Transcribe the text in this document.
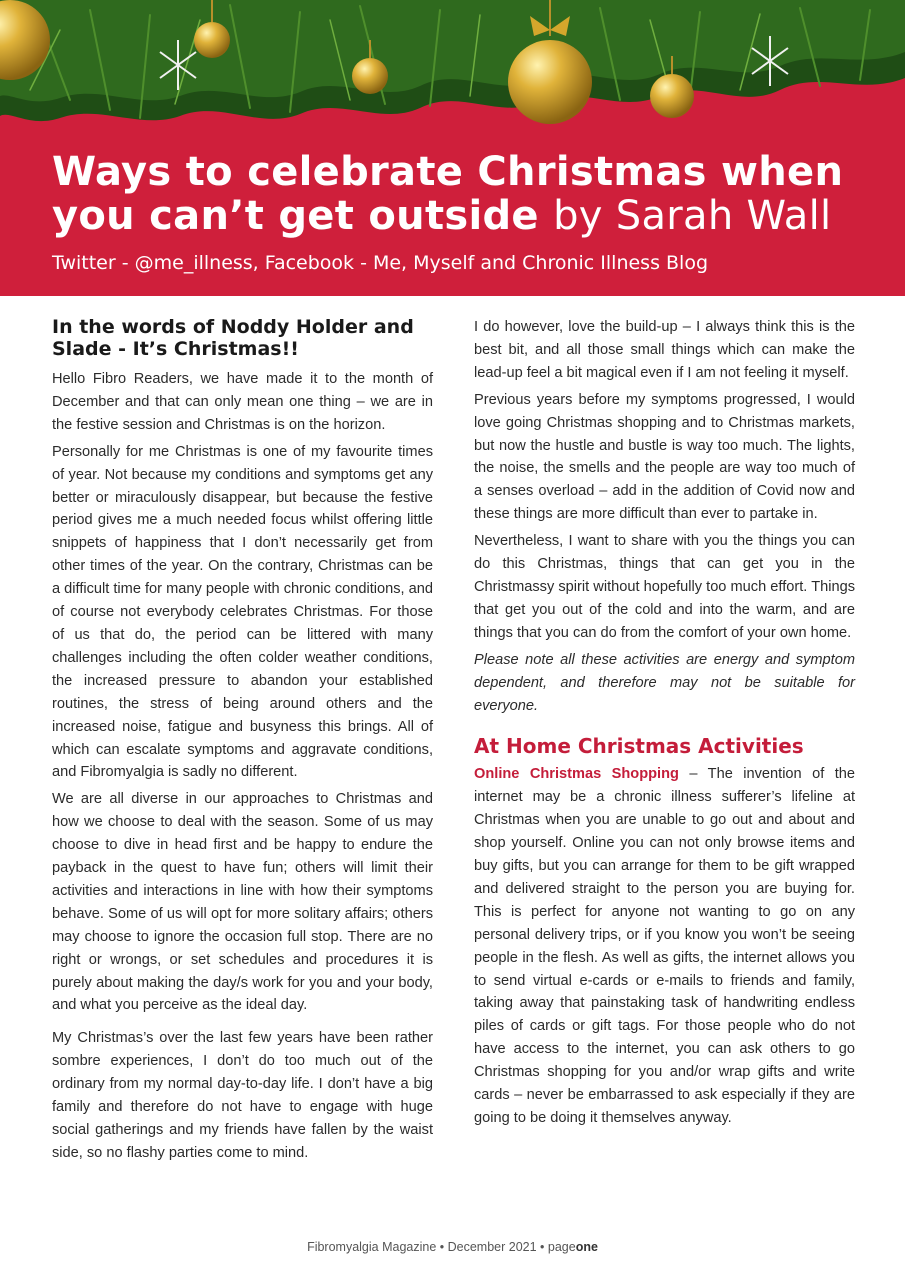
Ways to celebrate Christmas when you can’t get outside by Sarah Wall
Twitter - @me_illness, Facebook - Me, Myself and Chronic Illness Blog
In the words of Noddy Holder and Slade - It’s Christmas!!

Hello Fibro Readers, we have made it to the month of December and that can only mean one thing – we are in the festive session and Christmas is on the horizon.

Personally for me Christmas is one of my favourite times of year. Not because my conditions and symptoms get any better or miraculously disappear, but because the festive period gives me a much needed focus whilst offering little snippets of happiness that I don’t necessarily get from other times of the year. On the contrary, Christmas can be a difficult time for many people with chronic conditions, and of course not everybody celebrates Christmas. For those of us that do, the period can be littered with many challenges including the often colder weather conditions, the increased pressure to abandon your established routines, the stress of being around others and the increased noise, fatigue and busyness this brings. All of which can escalate symptoms and aggravate conditions, and Fibromyalgia is sadly no different.

We are all diverse in our approaches to Christmas and how we choose to deal with the season. Some of us may choose to dive in head first and be happy to endure the payback in the quest to have fun; others will limit their activities and interactions in line with how their symptoms behave. Some of us will opt for more solitary affairs; others may choose to ignore the occasion full stop. There are no right or wrongs, or set schedules and procedures it is purely about making the day/s work for you and your body, and what you perceive as the ideal day.

My Christmas’s over the last few years have been rather sombre experiences, I don’t do too much out of the ordinary from my normal day-to-day life. I don’t have a big family and therefore do not have to engage with huge social gatherings and my friends have fallen by the waist side, so no flashy parties come to mind.

I do however, love the build-up – I always think this is the best bit, and all those small things which can make the lead-up feel a bit magical even if I am not feeling it myself.

Previous years before my symptoms progressed, I would love going Christmas shopping and to Christmas markets, but now the hustle and bustle is way too much. The lights, the noise, the smells and the people are way too much of a senses overload – add in the addition of Covid now and these things are more difficult than ever to partake in.

Nevertheless, I want to share with you the things you can do this Christmas, things that can get you in the Christmassy spirit without hopefully too much effort. Things that get you out of the cold and into the warm, and are things that you can do from the comfort of your own home.

Please note all these activities are energy and symptom dependent, and therefore may not be suitable for everyone.

At Home Christmas Activities

Online Christmas Shopping – The invention of the internet may be a chronic illness sufferer’s lifeline at Christmas when you are unable to go out and about and shop yourself. Online you can not only browse items and buy gifts, but you can arrange for them to be gift wrapped and delivered straight to the person you are buying for. This is perfect for anyone not wanting to go on any personal delivery trips, or if you know you won’t be seeing people in the flesh. As well as gifts, the internet allows you to send virtual e-cards or e-mails to friends and family, taking away that painstaking task of handwriting endless piles of cards or gift tags. For those people who do not have access to the internet, you can ask others to go Christmas shopping for you and/or wrap gifts and write cards – never be embarrassed to ask especially if they are going to be doing it themselves anyway.

Fibromyalgia Magazine • December 2021 • pageone
